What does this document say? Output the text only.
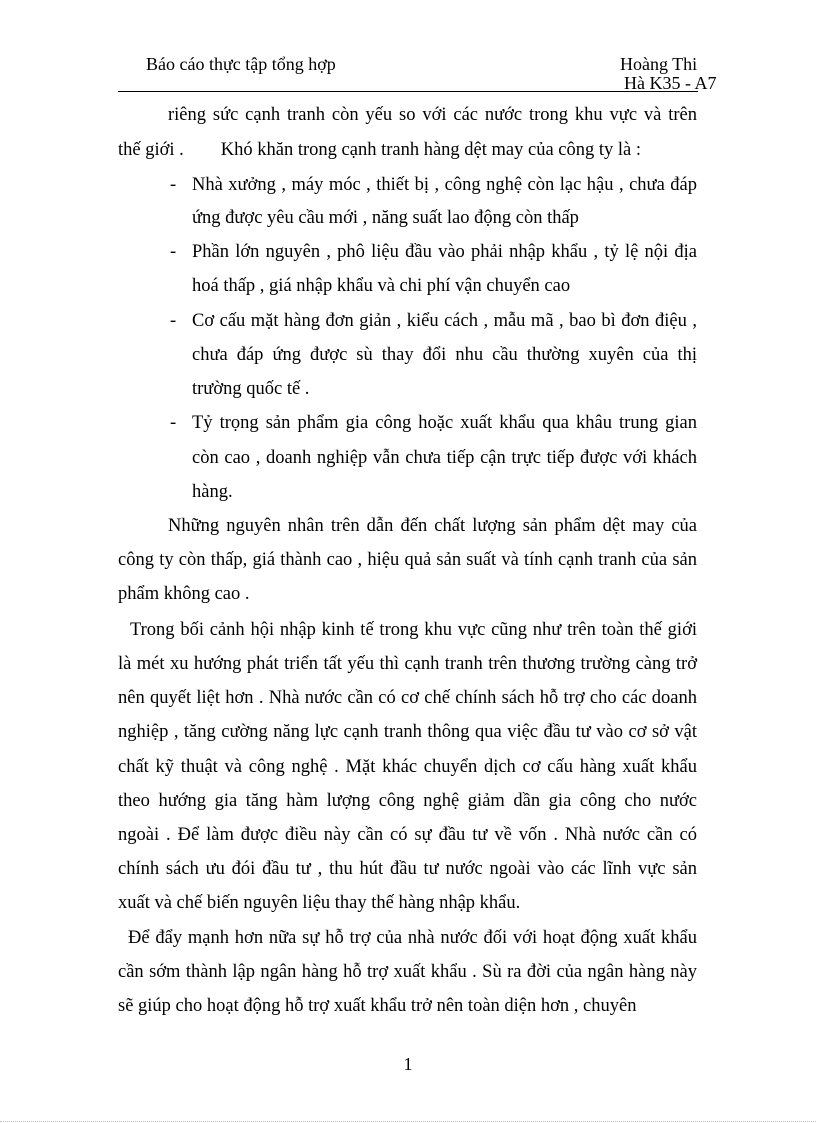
Báo cáo thực tập tổng hợp	Hoàng Thi
Hà K35 - A7
riêng sức cạnh tranh còn yếu so với các nước trong khu vực và trên
thế giới .        Khó khăn trong cạnh tranh hàng dệt may của công ty là :
- Nhà xưởng , máy móc , thiết bị , công nghệ còn lạc hậu , chưa đáp
ứng được yêu cầu mới , năng suất lao động còn thấp
- Phần lớn nguyên , phô liệu đầu vào phải nhập khẩu , tỷ lệ nội địa
hoá thấp , giá nhập khẩu và chi phí vận chuyển cao
- Cơ cấu mặt hàng đơn giản , kiểu cách , mẫu mã , bao bì đơn điệu ,
chưa đáp ứng được sù thay đổi nhu cầu thường xuyên của thị
trường quốc tế .
- Tỷ trọng sản phẩm gia công hoặc xuất khẩu qua khâu trung gian
còn cao , doanh nghiệp vẫn chưa tiếp cận trực tiếp được với khách
hàng.
Những nguyên nhân trên dẫn đến chất lượng sản phẩm dệt may của
công ty còn thấp, giá thành cao , hiệu quả sản suất và tính cạnh tranh của sản
phẩm không cao .
Trong bối cảnh hội nhập kinh tế trong khu vực cũng như trên toàn thế giới
là mét xu hướng phát triển tất yếu thì cạnh tranh trên thương trường càng trở
nên quyết liệt hơn . Nhà nước cần có cơ chế chính sách hỗ trợ cho các doanh
nghiệp , tăng cường năng lực cạnh tranh thông qua việc đầu tư vào cơ sở vật
chất kỹ thuật và công nghệ . Mặt khác chuyển dịch cơ cấu hàng xuất khẩu
theo hướng gia tăng hàm lượng công nghệ giảm dần gia công cho nước
ngoài . Để làm được điều này cần có sự đầu tư về vốn . Nhà nước cần có
chính sách ưu đói đầu tư , thu hút đầu tư nước ngoài vào các lĩnh vực sản
xuất và chế biến nguyên liệu thay thế hàng nhập khẩu.
Để đẩy mạnh hơn nữa sự hỗ trợ của nhà nước đối với hoạt động xuất khẩu
cần sớm thành lập ngân hàng hỗ trợ xuất khẩu . Sù ra đời của ngân hàng này
sẽ giúp cho hoạt động hỗ trợ xuất khẩu trở nên toàn diện hơn , chuyên
1
